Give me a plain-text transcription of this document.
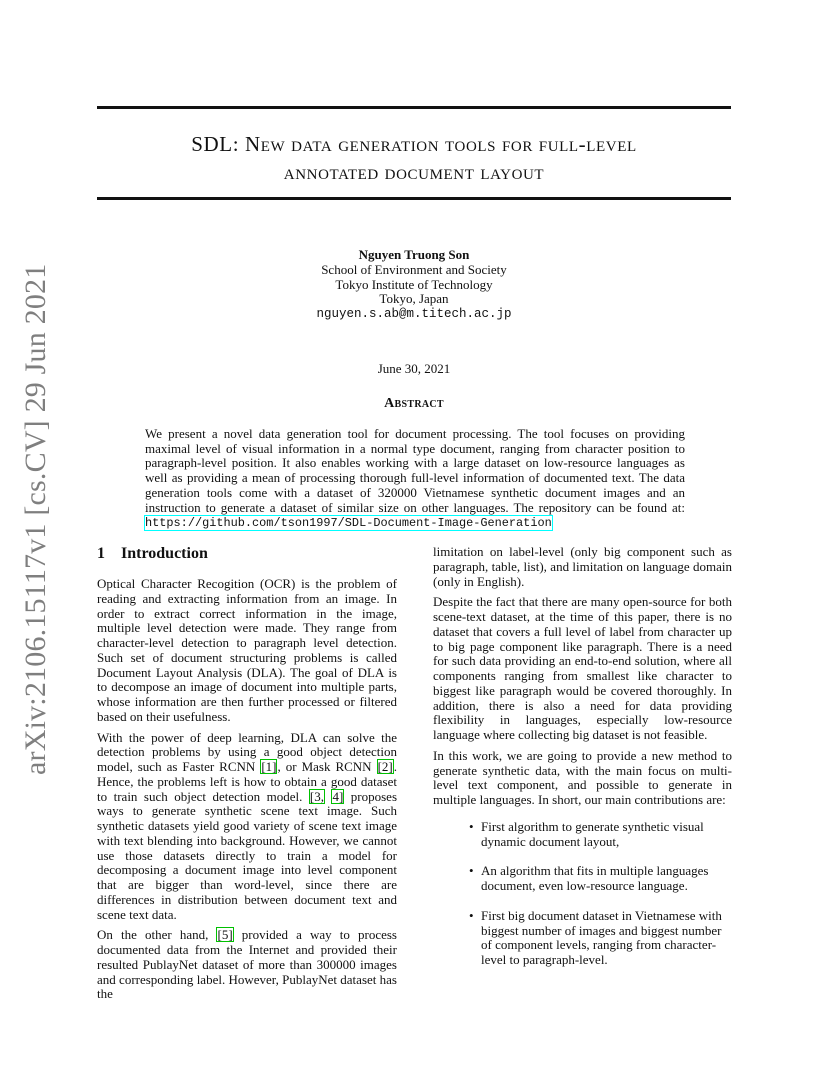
arXiv:2106.15117v1 [cs.CV] 29 Jun 2021
SDL: New data generation tools for full-level
annotated document layout
Nguyen Truong Son
School of Environment and Society
Tokyo Institute of Technology
Tokyo, Japan
nguyen.s.ab@m.titech.ac.jp
June 30, 2021
Abstract
We present a novel data generation tool for document processing. The tool focuses on providing maximal level of visual information in a normal type document, ranging from character position to paragraph-level position. It also enables working with a large dataset on low-resource languages as well as providing a mean of processing thorough full-level information of documented text. The data generation tools come with a dataset of 320000 Vietnamese synthetic document images and an instruction to generate a dataset of similar size on other languages. The repository can be found at: https://github.com/tson1997/SDL-Document-Image-Generation
1 Introduction

Optical Character Recogition (OCR) is the problem of reading and extracting information from an image. In order to extract correct information in the image, multiple level detection were made. They range from character-level detection to paragraph level detection. Such set of document structuring problems is called Document Layout Analysis (DLA). The goal of DLA is to decompose an image of document into multiple parts, whose information are then further processed or filtered based on their usefulness.

With the power of deep learning, DLA can solve the detection problems by using a good object detection model, such as Faster RCNN [1], or Mask RCNN [2]. Hence, the problems left is how to obtain a good dataset to train such object detection model. [3, 4] proposes ways to generate synthetic scene text image. Such synthetic datasets yield good variety of scene text image with text blending into background. However, we cannot use those datasets directly to train a model for decomposing a document image into level component that are bigger than word-level, since there are differences in distribution between document text and scene text data.

On the other hand, [5] provided a way to process documented data from the Internet and provided their resulted PublayNet dataset of more than 300000 images and corresponding label. However, PublayNet dataset has the

limitation on label-level (only big component such as paragraph, table, list), and limitation on language domain (only in English).

Despite the fact that there are many open-source for both scene-text dataset, at the time of this paper, there is no dataset that covers a full level of label from character up to big page component like paragraph. There is a need for such data providing an end-to-end solution, where all components ranging from smallest like character to biggest like paragraph would be covered thoroughly. In addition, there is also a need for data providing flexibility in languages, especially low-resource language where collecting big dataset is not feasible.

In this work, we are going to provide a new method to generate synthetic data, with the main focus on multi-level text component, and possible to generate in multiple languages. In short, our main contributions are:

• First algorithm to generate synthetic visual dynamic document layout,
• An algorithm that fits in multiple languages document, even low-resource language.
• First big document dataset in Vietnamese with biggest number of images and biggest number of component levels, ranging from character-level to paragraph-level.
